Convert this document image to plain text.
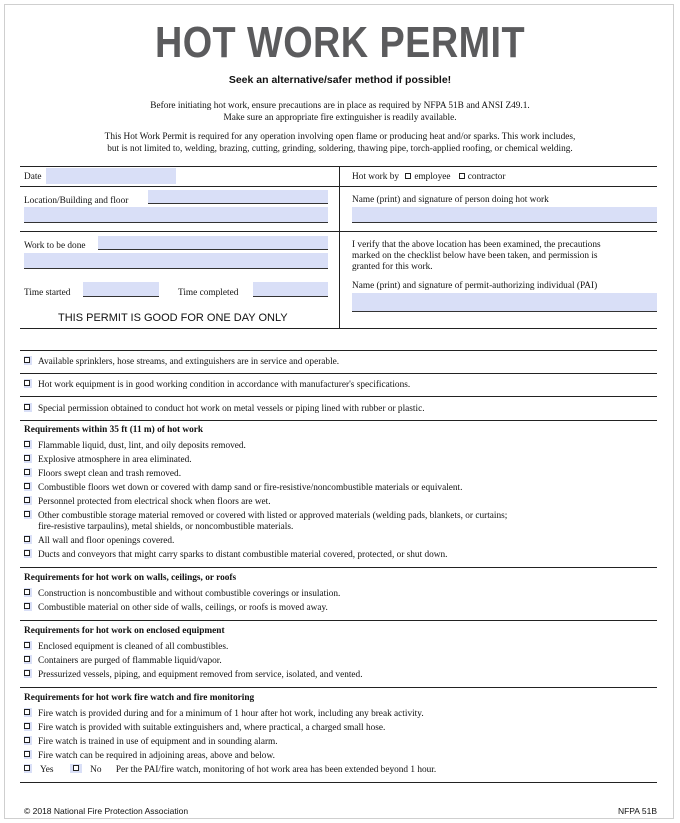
HOT WORK PERMIT
Seek an alternative/safer method if possible!
Before initiating hot work, ensure precautions are in place as required by NFPA 51B and ANSI Z49.1.
Make sure an appropriate fire extinguisher is readily available.
This Hot Work Permit is required for any operation involving open flame or producing heat and/or sparks. This work includes,
but is not limited to, welding, brazing, cutting, grinding, soldering, thawing pipe, torch-applied roofing, or chemical welding.
Date
Location/Building and floor
Work to be done
Time started	Time completed
THIS PERMIT IS GOOD FOR ONE DAY ONLY
Hot work by employee contractor
Name (print) and signature of person doing hot work
I verify that the above location has been examined, the precautions
marked on the checklist below have been taken, and permission is
granted for this work.
Name (print) and signature of permit-authorizing individual (PAI)
Available sprinklers, hose streams, and extinguishers are in service and operable.
Hot work equipment is in good working condition in accordance with manufacturer's specifications.
Special permission obtained to conduct hot work on metal vessels or piping lined with rubber or plastic.
Requirements within 35 ft (11 m) of hot work
Flammable liquid, dust, lint, and oily deposits removed.
Explosive atmosphere in area eliminated.
Floors swept clean and trash removed.
Combustible floors wet down or covered with damp sand or fire-resistive/noncombustible materials or equivalent.
Personnel protected from electrical shock when floors are wet.
Other combustible storage material removed or covered with listed or approved materials (welding pads, blankets, or curtains;
fire-resistive tarpaulins), metal shields, or noncombustible materials.
All wall and floor openings covered.
Ducts and conveyors that might carry sparks to distant combustible material covered, protected, or shut down.
Requirements for hot work on walls, ceilings, or roofs
Construction is noncombustible and without combustible coverings or insulation.
Combustible material on other side of walls, ceilings, or roofs is moved away.
Requirements for hot work on enclosed equipment
Enclosed equipment is cleaned of all combustibles.
Containers are purged of flammable liquid/vapor.
Pressurized vessels, piping, and equipment removed from service, isolated, and vented.
Requirements for hot work fire watch and fire monitoring
Fire watch is provided during and for a minimum of 1 hour after hot work, including any break activity.
Fire watch is provided with suitable extinguishers and, where practical, a charged small hose.
Fire watch is trained in use of equipment and in sounding alarm.
Fire watch can be required in adjoining areas, above and below.
Yes	No Per the PAI/fire watch, monitoring of hot work area has been extended beyond 1 hour.
© 2018 National Fire Protection Association	NFPA 51B
